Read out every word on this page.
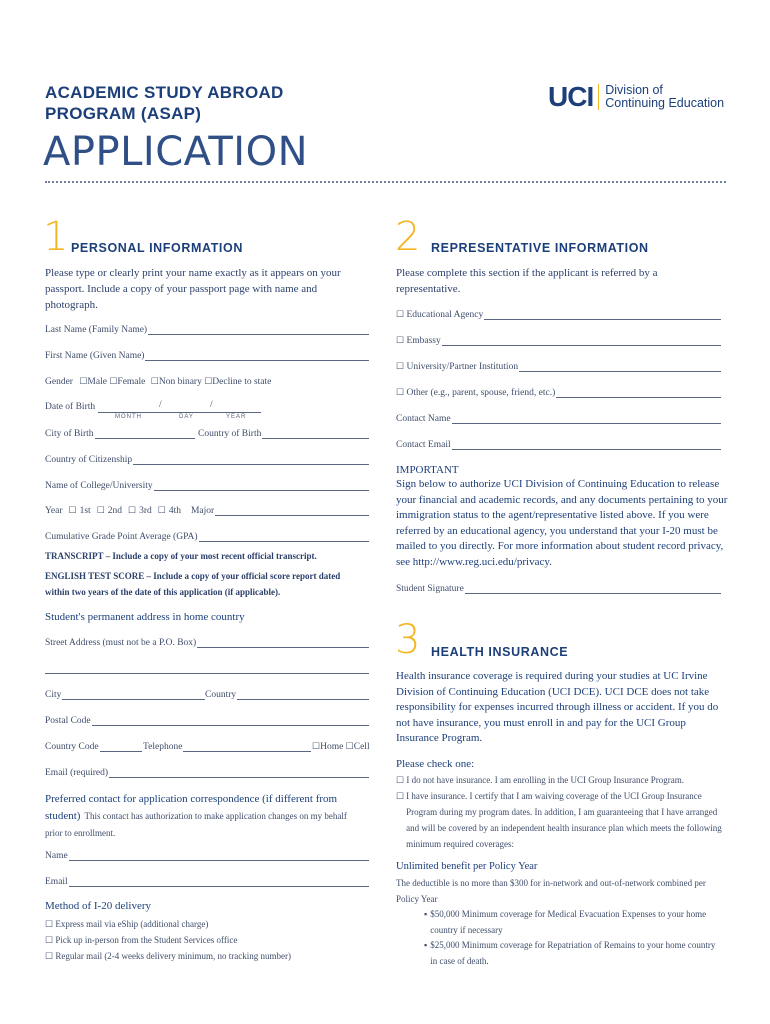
ACADEMIC STUDY ABROAD
PROGRAM (ASAP)
UCI Division of
Continuing Education
APPLICATION
1 PERSONAL INFORMATION
Please type or clearly print your name exactly as it appears on your passport. Include a copy of your passport page with name and photograph.
Last Name (Family Name)
First Name (Given Name)
Gender ☐Male ☐Female ☐Non binary ☐Decline to state
Date of Birth	/	/
MONTH	DAY	YEAR
City of Birth	Country of Birth
Country of Citizenship
Name of College/University
Year ☐ 1st ☐ 2nd ☐ 3rd ☐ 4th Major
Cumulative Grade Point Average (GPA)
TRANSCRIPT – Include a copy of your most recent official transcript.
ENGLISH TEST SCORE – Include a copy of your official score report dated within two years of the date of this application (if applicable).
Student's permanent address in home country
Street Address (must not be a P.O. Box)
City	Country
Postal Code
Country Code	Telephone	☐Home ☐Cell
Email (required)
Preferred contact for application correspondence (if different from student) This contact has authorization to make application changes on my behalf prior to enrollment.
Name
Email
Method of I-20 delivery
☐ Express mail via eShip (additional charge)
☐ Pick up in-person from the Student Services office
☐ Regular mail (2-4 weeks delivery minimum, no tracking number)
2 REPRESENTATIVE INFORMATION
Please complete this section if the applicant is referred by a representative.
☐
Educational Agency
☐
Embassy
☐
University/Partner Institution
☐
Other (e.g., parent, spouse, friend, etc.)
Contact Name
Contact Email
IMPORTANT
Sign below to authorize UCI Division of Continuing Education to release your financial and academic records, and any documents pertaining to your immigration status to the agent/representative listed above. If you were referred by an educational agency, you understand that your I-20 must be mailed to you directly. For more information about student record privacy, see http://www.reg.uci.edu/privacy.
Student Signature
3 HEALTH INSURANCE
Health insurance coverage is required during your studies at UC Irvine Division of Continuing Education (UCI DCE). UCI DCE does not take responsibility for expenses incurred through illness or accident. If you do not have insurance, you must enroll in and pay for the UCI Group Insurance Program.
Please check one:
☐ I do not have insurance. I am enrolling in the UCI Group Insurance Program.
☐ I have insurance. I certify that I am waiving coverage of the UCI Group Insurance Program during my program dates. In addition, I am guaranteeing that I have arranged and will be covered by an independent health insurance plan which meets the following minimum required coverages:
Unlimited benefit per Policy Year
The deductible is no more than $300 for in-network and out-of-network combined per Policy Year
▪ $50,000 Minimum coverage for Medical Evacuation Expenses to your home country if necessary
▪ $25,000 Minimum coverage for Repatriation of Remains to your home country in case of death.
